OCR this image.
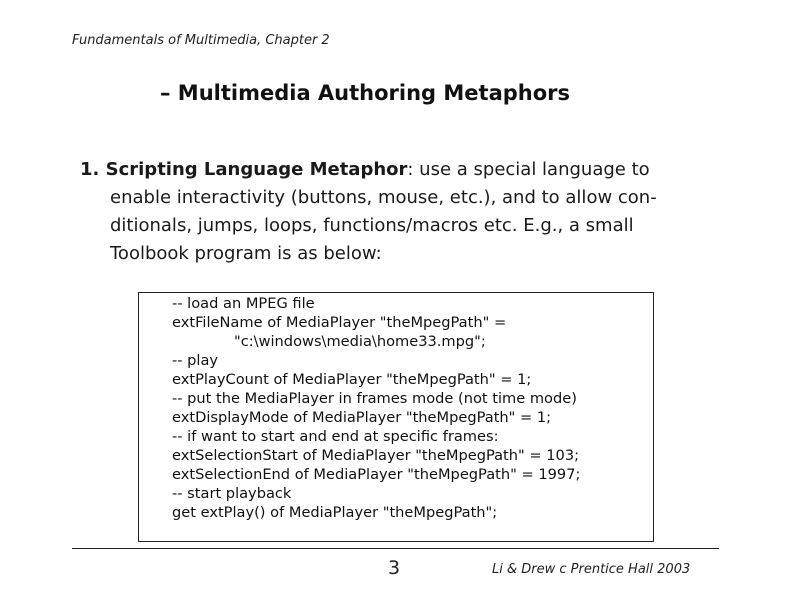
Fundamentals of Multimedia, Chapter 2
– Multimedia Authoring Metaphors
1. Scripting Language Metaphor: use a special language to
enable interactivity (buttons, mouse, etc.), and to allow con-
ditionals, jumps, loops, functions/macros etc. E.g., a small
Toolbook program is as below:
-- load an MPEG file
extFileName of MediaPlayer "theMpegPath" =
"c:\windows\media\home33.mpg";
-- play
extPlayCount of MediaPlayer "theMpegPath" = 1;
-- put the MediaPlayer in frames mode (not time mode)
extDisplayMode of MediaPlayer "theMpegPath" = 1;
-- if want to start and end at specific frames:
extSelectionStart of MediaPlayer "theMpegPath" = 103;
extSelectionEnd of MediaPlayer "theMpegPath" = 1997;
-- start playback
get extPlay() of MediaPlayer "theMpegPath";
3	Li & Drew c Prentice Hall 2003
